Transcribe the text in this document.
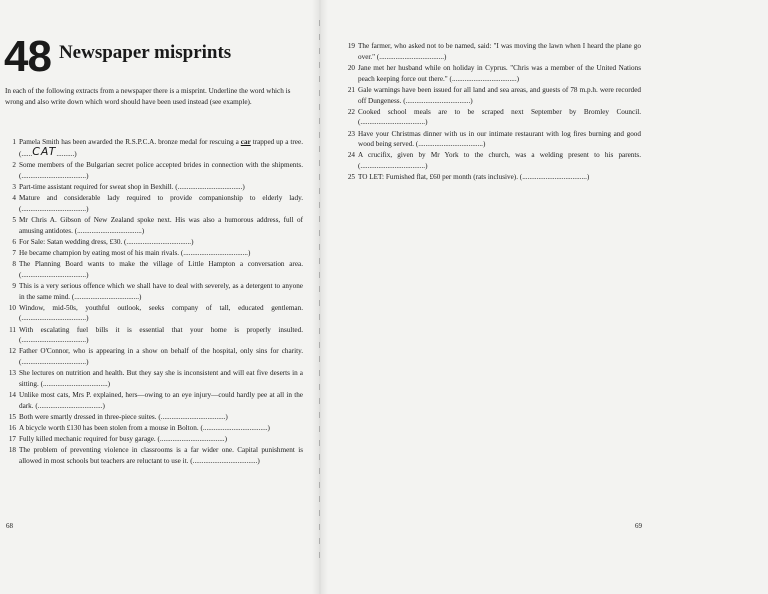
48 Newspaper misprints
In each of the following extracts from a newspaper there is a misprint. Underline the word which is wrong and also write down which word should have been used instead (see example).
1 Pamela Smith has been awarded the R.S.P.C.A. bronze medal for rescuing a car trapped up a tree. (......CAT..........)
2 Some members of the Bulgarian secret police accepted brides in connection with the shipments. (....................................)
3 Part-time assistant required for sweat shop in Bexhill. (....................................)
4 Mature and considerable lady required to provide companionship to elderly lady. (....................................)
5 Mr Chris A. Gibson of New Zealand spoke next. His was also a humorous address, full of amusing antidotes. (....................................)
6 For Sale: Satan wedding dress, £30. (....................................)
7 He became champion by eating most of his main rivals. (....................................)
8 The Planning Board wants to make the village of Little Hampton a conversation area. (....................................)
9 This is a very serious offence which we shall have to deal with severely, as a detergent to anyone in the same mind. (....................................)
10 Window, mid-50s, youthful outlook, seeks company of tall, educated gentleman. (....................................)
11 With escalating fuel bills it is essential that your home is properly insulted. (....................................)
12 Father O'Connor, who is appearing in a show on behalf of the hospital, only sins for charity. (....................................)
13 She lectures on nutrition and health. But they say she is inconsistent and will eat five deserts in a sitting. (....................................)
14 Unlike most cats, Mrs P. explained, hers—owing to an eye injury—could hardly pee at all in the dark. (....................................)
15 Both were smartly dressed in three-piece suites. (....................................)
16 A bicycle worth £130 has been stolen from a mouse in Bolton. (....................................)
17 Fully killed mechanic required for busy garage. (....................................)
18 The problem of preventing violence in classrooms is a far wider one. Capital punishment is allowed in most schools but teachers are reluctant to use it. (....................................)
68
19 The farmer, who asked not to be named, said: "I was moving the lawn when I heard the plane go over." (....................................)
20 Jane met her husband while on holiday in Cyprus. "Chris was a member of the United Nations peach keeping force out there." (....................................)
21 Gale warnings have been issued for all land and sea areas, and guests of 78 m.p.h. were recorded off Dungeness. (....................................)
22 Cooked school meals are to be scraped next September by Bromley Council. (....................................)
23 Have your Christmas dinner with us in our intimate restaurant with log fires burning and good wood being served. (....................................)
24 A crucifix, given by Mr York to the church, was a welding present to his parents. (....................................)
25 TO LET: Furnished flat, £60 per month (rats inclusive). (....................................)
69
